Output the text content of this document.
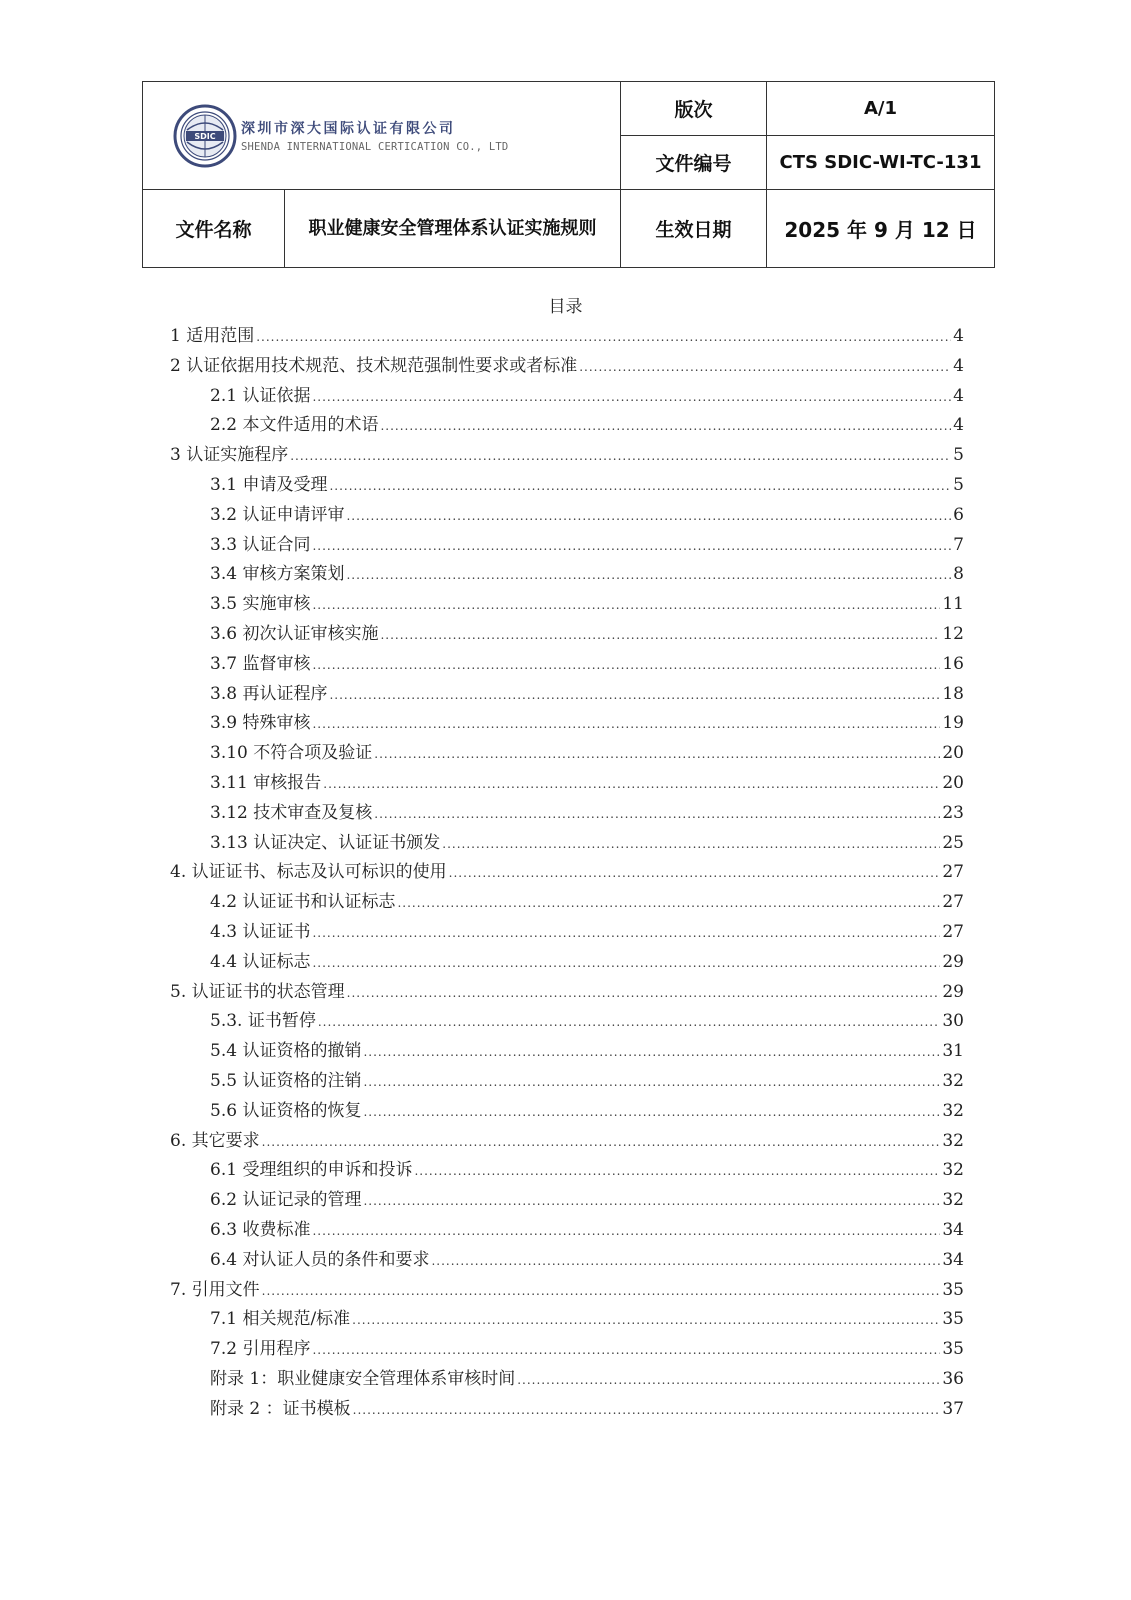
SDIC 深圳市深大国际认证有限公司
SHENDA INTERNATIONAL CERTICATION CO., LTD		版次	A/1
		文件编号	CTS SDIC-WI-TC-131
文件名称	职业健康安全管理体系认证实施规则	生效日期	2025 年 9 月 12 日
目录
1 适用范围 .....	4
2 认证依据用技术规范、技术规范强制性要求或者标准 .....	4
2.1 认证依据 .....	4
2.2 本文件适用的术语 .....	4
3 认证实施程序 .....	5
3.1 申请及受理 .....	5
3.2 认证申请评审 .....	6
3.3 认证合同 .....	7
3.4 审核方案策划 .....	8
3.5 实施审核 .....	11
3.6 初次认证审核实施 .....	12
3.7 监督审核 .....	16
3.8 再认证程序 .....	18
3.9 特殊审核 .....	19
3.10 不符合项及验证 .....	20
3.11 审核报告 .....	20
3.12 技术审查及复核 .....	23
3.13 认证决定、认证证书颁发 .....	25
4. 认证证书、标志及认可标识的使用 .....	27
4.2 认证证书和认证标志 .....	27
4.3 认证证书 .....	27
4.4 认证标志 .....	29
5. 认证证书的状态管理 .....	29
5.3. 证书暂停 .....	30
5.4 认证资格的撤销 .....	31
5.5 认证资格的注销 .....	32
5.6 认证资格的恢复 .....	32
6. 其它要求 .....	32
6.1 受理组织的申诉和投诉 .....	32
6.2 认证记录的管理 .....	32
6.3 收费标准 .....	34
6.4 对认证人员的条件和要求 .....	34
7. 引用文件 .....	35
7.1 相关规范/标准 .....	35
7.2 引用程序 .....	35
附录 1：职业健康安全管理体系审核时间 .....	36
附录 2 ：证书模板 .....	37
